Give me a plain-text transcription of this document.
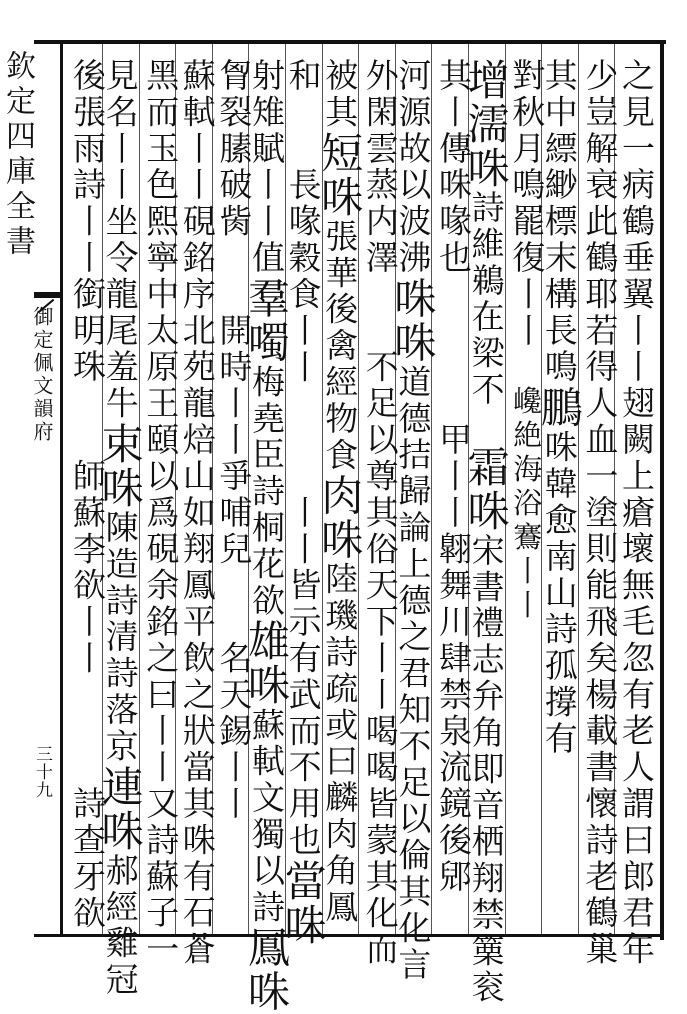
欽定四庫全書
御定佩文韻府
三十九	之見一病鶴垂翼丨丨翅闕上瘡壞無毛忽有老人謂曰郎君年
少豈解衰此鶴耶若得人血一塗則能飛矣楊載書懷詩老鶴巢
其中縹緲標末構長鳴鵬咮韓愈南山詩孤撐有
對秋月鳴罷復丨丨　巉絶海浴鶱丨丨
增濡咮詩維鵜在梁不　霜咮宋書禮志弁角即音栖翔禁篥衮
其丨傳咮喙也　　　　甲丨丨翺舞川肆禁泉流鏡後郳
河源故以波沸咮咮道德拮歸論上德之君知不足以倫其化言
外閑雲蒸内澤　　不足以尊其俗天下丨丨喝喝皆蒙其化而
被其短咮張華後禽經物食肉咮陸璣詩疏或曰麟肉角鳳
和　　長喙穀食丨丨　　　丨丨皆示有武而不用也當咮
射雉賦丨丨值羣噣梅堯臣詩桐花欲雄咮蘇軾文獨以詩鳳咮
胷裂膆破胔　　開時丨丨爭哺兒　　名天錫丨丨
蘇軾丨丨硯銘序北苑龍焙山如翔鳳平飲之狀當其咮有石蒼
黑而玉色熙寧中太原王頤以爲硯余銘之曰丨丨又詩蘇子一
見名丨丨坐令龍尾羞牛束咮陳造詩清詩落京連咮郝經雞冠
後張雨詩丨丨銜明珠　　師蘇李欲丨丨　　　詩查牙欲
